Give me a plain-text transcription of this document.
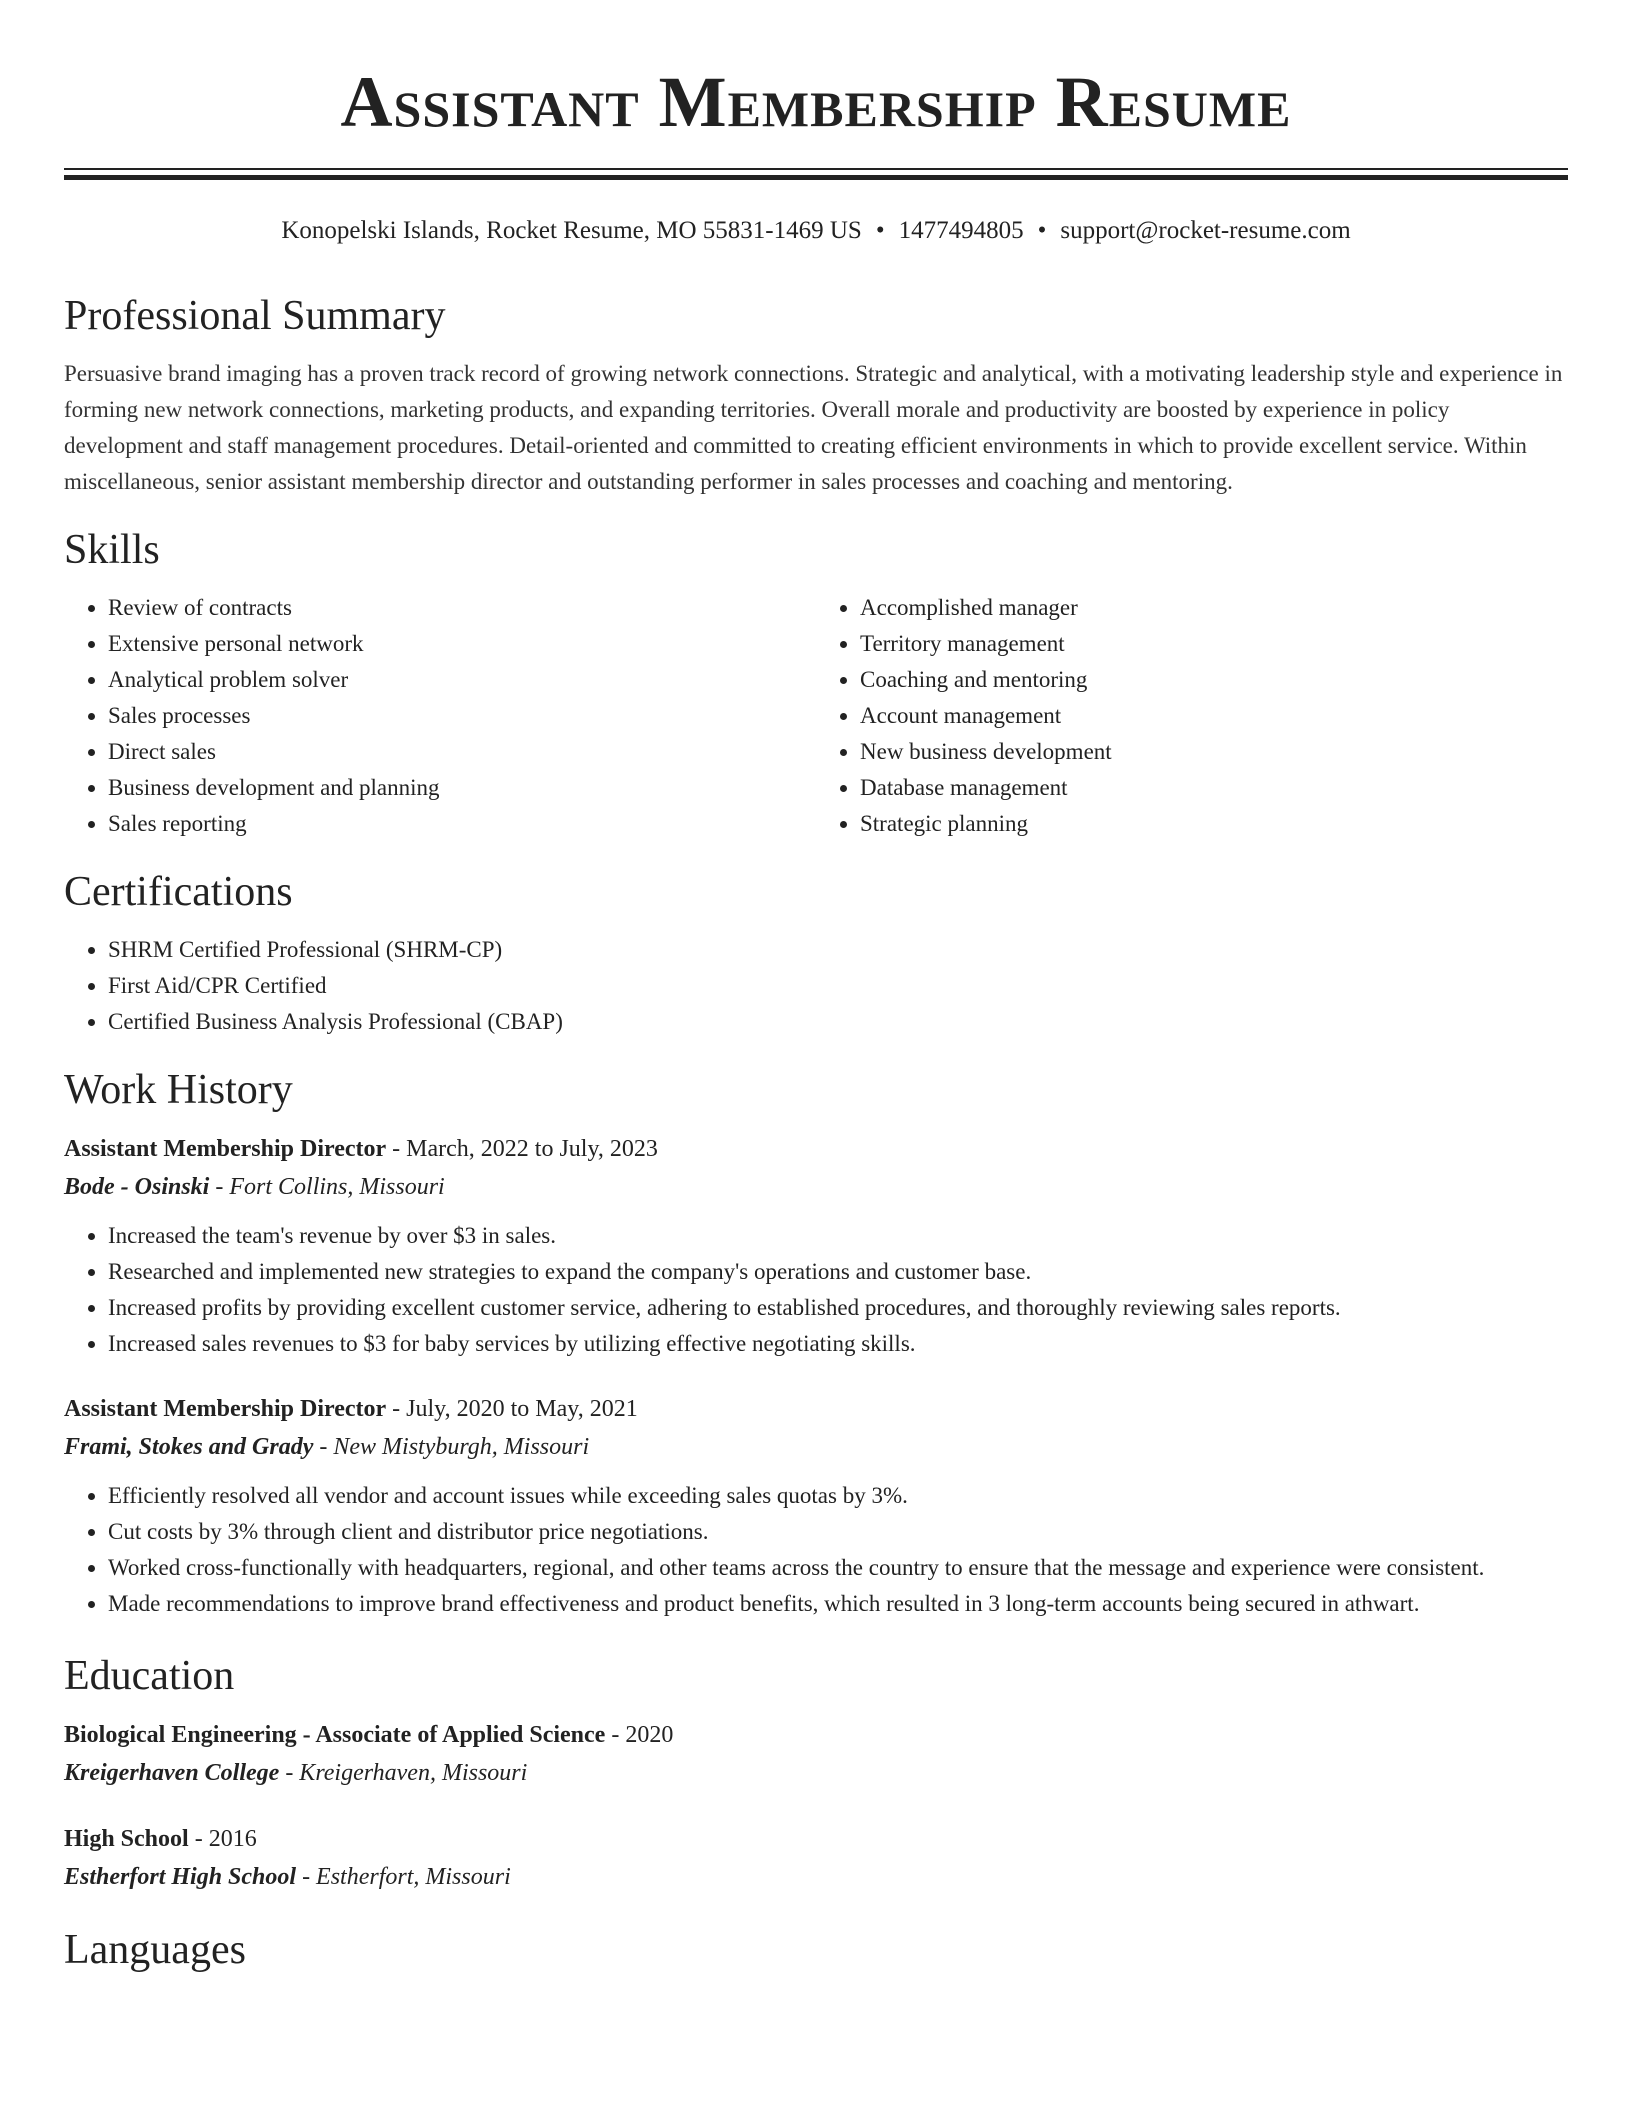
Assistant Membership Resume
Konopelski Islands, Rocket Resume, MO 55831-1469 US • 1477494805 • support@rocket-resume.com
Professional Summary

Persuasive brand imaging has a proven track record of growing network connections. Strategic and analytical, with a motivating leadership style and experience in forming new network connections, marketing products, and expanding territories. Overall morale and productivity are boosted by experience in policy development and staff management procedures. Detail-oriented and committed to creating efficient environments in which to provide excellent service. Within miscellaneous, senior assistant membership director and outstanding performer in sales processes and coaching and mentoring.

Skills
• Review of contracts
• Extensive personal network
• Analytical problem solver
• Sales processes
• Direct sales
• Business development and planning
• Sales reporting
• Accomplished manager
• Territory management
• Coaching and mentoring
• Account management
• New business development
• Database management
• Strategic planning
Certifications
• SHRM Certified Professional (SHRM-CP)
• First Aid/CPR Certified
• Certified Business Analysis Professional (CBAP)
Work History
Assistant Membership Director - March, 2022 to July, 2023
Bode - Osinski - Fort Collins, Missouri
• Increased the team's revenue by over $3 in sales.
• Researched and implemented new strategies to expand the company's operations and customer base.
• Increased profits by providing excellent customer service, adhering to established procedures, and thoroughly reviewing sales reports.
• Increased sales revenues to $3 for baby services by utilizing effective negotiating skills.
Assistant Membership Director - July, 2020 to May, 2021
Frami, Stokes and Grady - New Mistyburgh, Missouri
• Efficiently resolved all vendor and account issues while exceeding sales quotas by 3%.
• Cut costs by 3% through client and distributor price negotiations.
• Worked cross-functionally with headquarters, regional, and other teams across the country to ensure that the message and experience were consistent.
• Made recommendations to improve brand effectiveness and product benefits, which resulted in 3 long-term accounts being secured in athwart.
Education
Biological Engineering - Associate of Applied Science - 2020
Kreigerhaven College - Kreigerhaven, Missouri
High School - 2016
Estherfort High School - Estherfort, Missouri
Languages
